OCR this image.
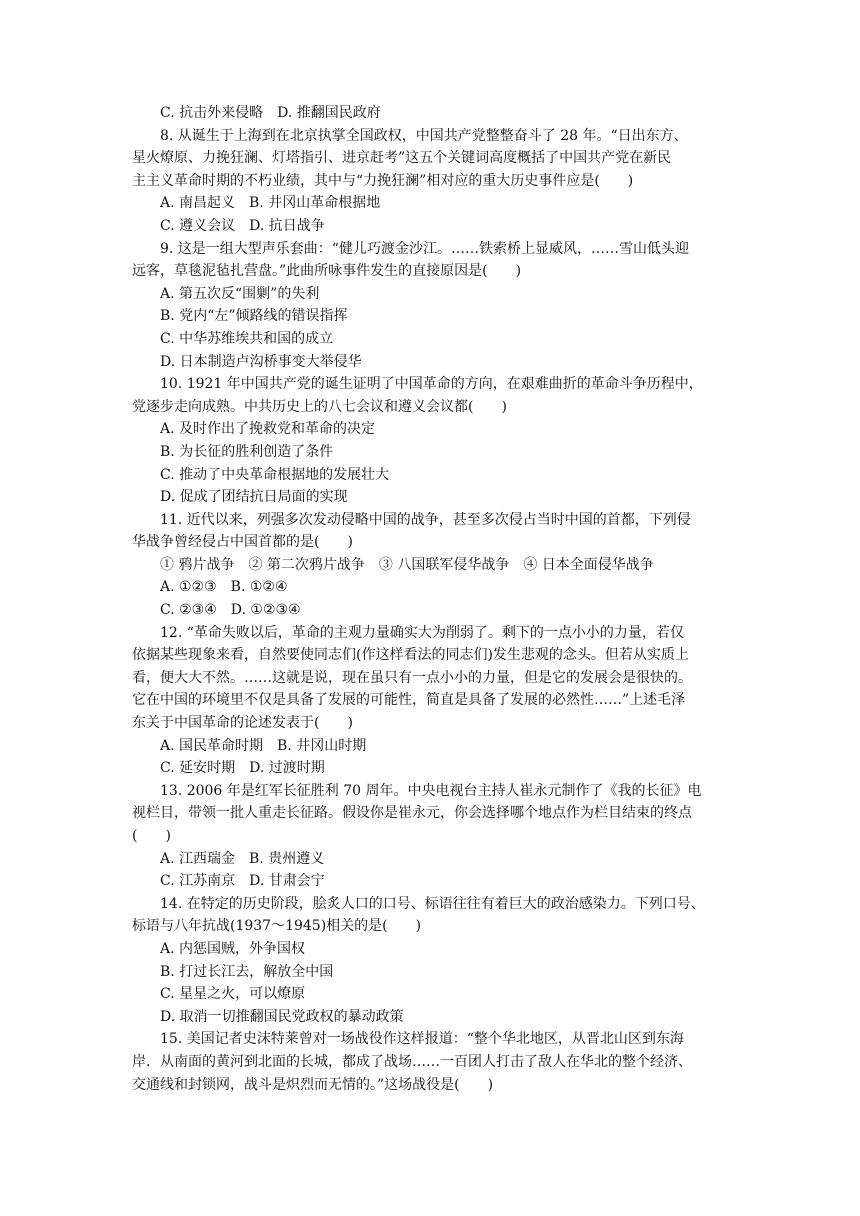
C. 抗击外来侵略　D. 推翻国民政府
8. 从诞生于上海到在北京执掌全国政权，中国共产党整整奋斗了 28 年。“日出东方、
星火燎原、力挽狂澜、灯塔指引、进京赶考”这五个关键词高度概括了中国共产党在新民
主主义革命时期的不朽业绩，其中与“力挽狂澜”相对应的重大历史事件应是(　　)
A. 南昌起义　B. 井冈山革命根据地
C. 遵义会议　D. 抗日战争
9. 这是一组大型声乐套曲：“健儿巧渡金沙江。……铁索桥上显威风，……雪山低头迎
远客，草毯泥毡扎营盘。”此曲所咏事件发生的直接原因是(　　)
A. 第五次反“围剿”的失利
B. 党内“左”倾路线的错误指挥
C. 中华苏维埃共和国的成立
D. 日本制造卢沟桥事变大举侵华
10. 1921 年中国共产党的诞生证明了中国革命的方向，在艰难曲折的革命斗争历程中，
党逐步走向成熟。中共历史上的八七会议和遵义会议都(　　)
A. 及时作出了挽救党和革命的决定
B. 为长征的胜利创造了条件
C. 推动了中央革命根据地的发展壮大
D. 促成了团结抗日局面的实现
11. 近代以来，列强多次发动侵略中国的战争，甚至多次侵占当时中国的首都，下列侵
华战争曾经侵占中国首都的是(　　)
① 鸦片战争　② 第二次鸦片战争　③ 八国联军侵华战争　④ 日本全面侵华战争
A. ①②③　B. ①②④
C. ②③④　D. ①②③④
12. “革命失败以后，革命的主观力量确实大为削弱了。剩下的一点小小的力量，若仅
依据某些现象来看，自然要使同志们(作这样看法的同志们)发生悲观的念头。但若从实质上
看，便大大不然。……这就是说，现在虽只有一点小小的力量，但是它的发展会是很快的。
它在中国的环境里不仅是具备了发展的可能性，简直是具备了发展的必然性……”上述毛泽
东关于中国革命的论述发表于(　　)
A. 国民革命时期　B. 井冈山时期
C. 延安时期　D. 过渡时期
13. 2006 年是红军长征胜利 70 周年。中央电视台主持人崔永元制作了《我的长征》电
视栏目，带领一批人重走长征路。假设你是崔永元，你会选择哪个地点作为栏目结束的终点
(　　)
A. 江西瑞金　B. 贵州遵义
C. 江苏南京　D. 甘肃会宁
14. 在特定的历史阶段，脍炙人口的口号、标语往往有着巨大的政治感染力。下列口号、
标语与八年抗战(1937～1945)相关的是(　　)
A. 内惩国贼，外争国权
B. 打过长江去，解放全中国
C. 星星之火，可以燎原
D. 取消一切推翻国民党政权的暴动政策
15. 美国记者史沫特莱曾对一场战役作这样报道：“整个华北地区，从晋北山区到东海
岸．从南面的黄河到北面的长城，都成了战场……一百团人打击了敌人在华北的整个经济、
交通线和封锁网，战斗是炽烈而无情的。”这场战役是(　　)
